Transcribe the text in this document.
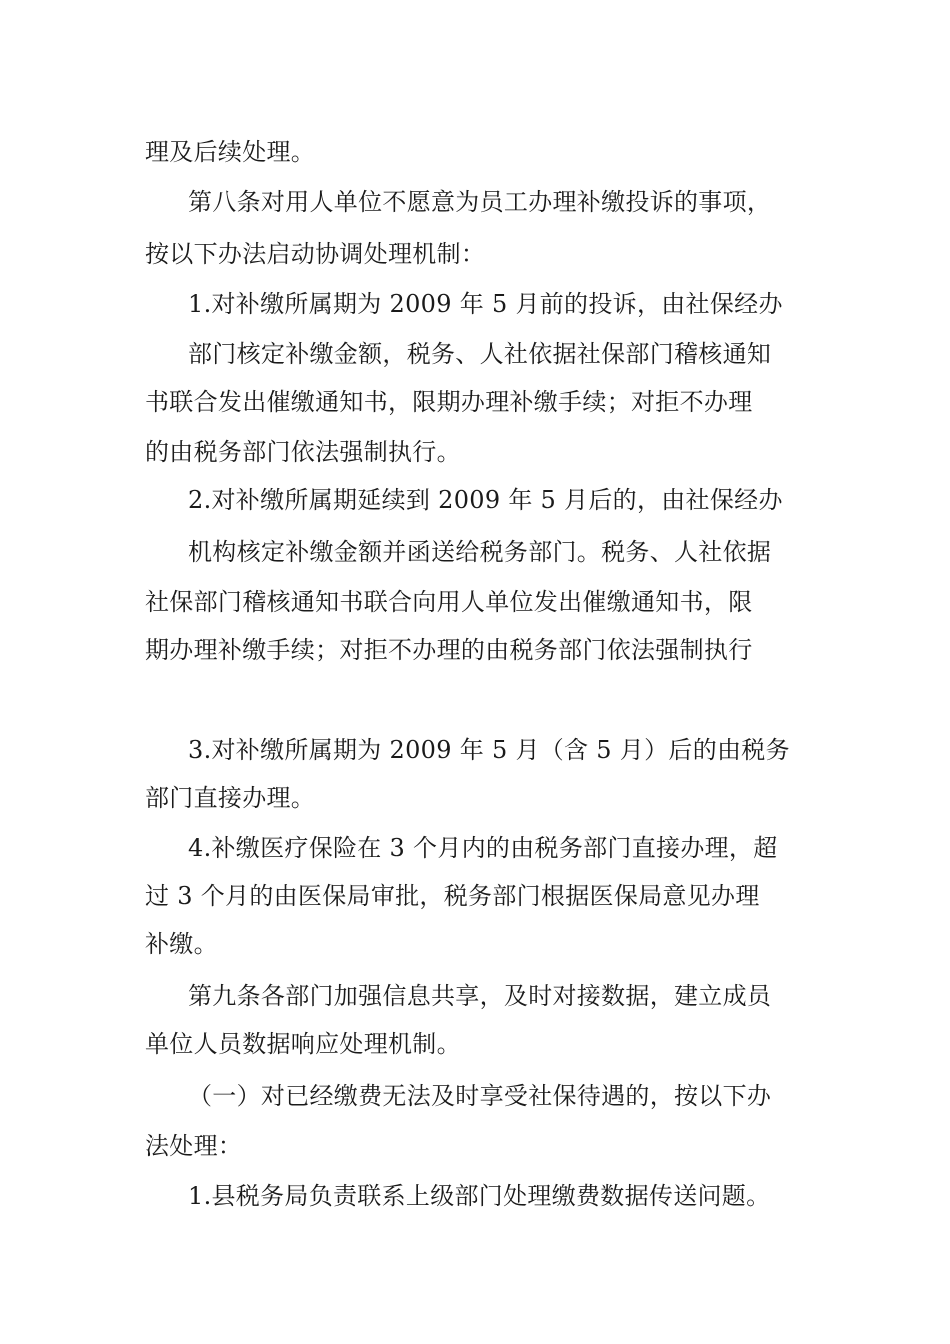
理及后续处理。
第八条对用人单位不愿意为员工办理补缴投诉的事项，
按以下办法启动协调处理机制：
1.对补缴所属期为 2009 年 5 月前的投诉，由社保经办
部门核定补缴金额，税务、人社依据社保部门稽核通知
书联合发出催缴通知书，限期办理补缴手续；对拒不办理
的由税务部门依法强制执行。
2.对补缴所属期延续到 2009 年 5 月后的，由社保经办
机构核定补缴金额并函送给税务部门。税务、人社依据
社保部门稽核通知书联合向用人单位发出催缴通知书，限
期办理补缴手续；对拒不办理的由税务部门依法强制执行
3.对补缴所属期为 2009 年 5 月（含 5 月）后的由税务
部门直接办理。
4.补缴医疗保险在 3 个月内的由税务部门直接办理，超
过 3 个月的由医保局审批，税务部门根据医保局意见办理
补缴。
第九条各部门加强信息共享，及时对接数据，建立成员
单位人员数据响应处理机制。
（一）对已经缴费无法及时享受社保待遇的，按以下办
法处理：
1.县税务局负责联系上级部门处理缴费数据传送问题。
